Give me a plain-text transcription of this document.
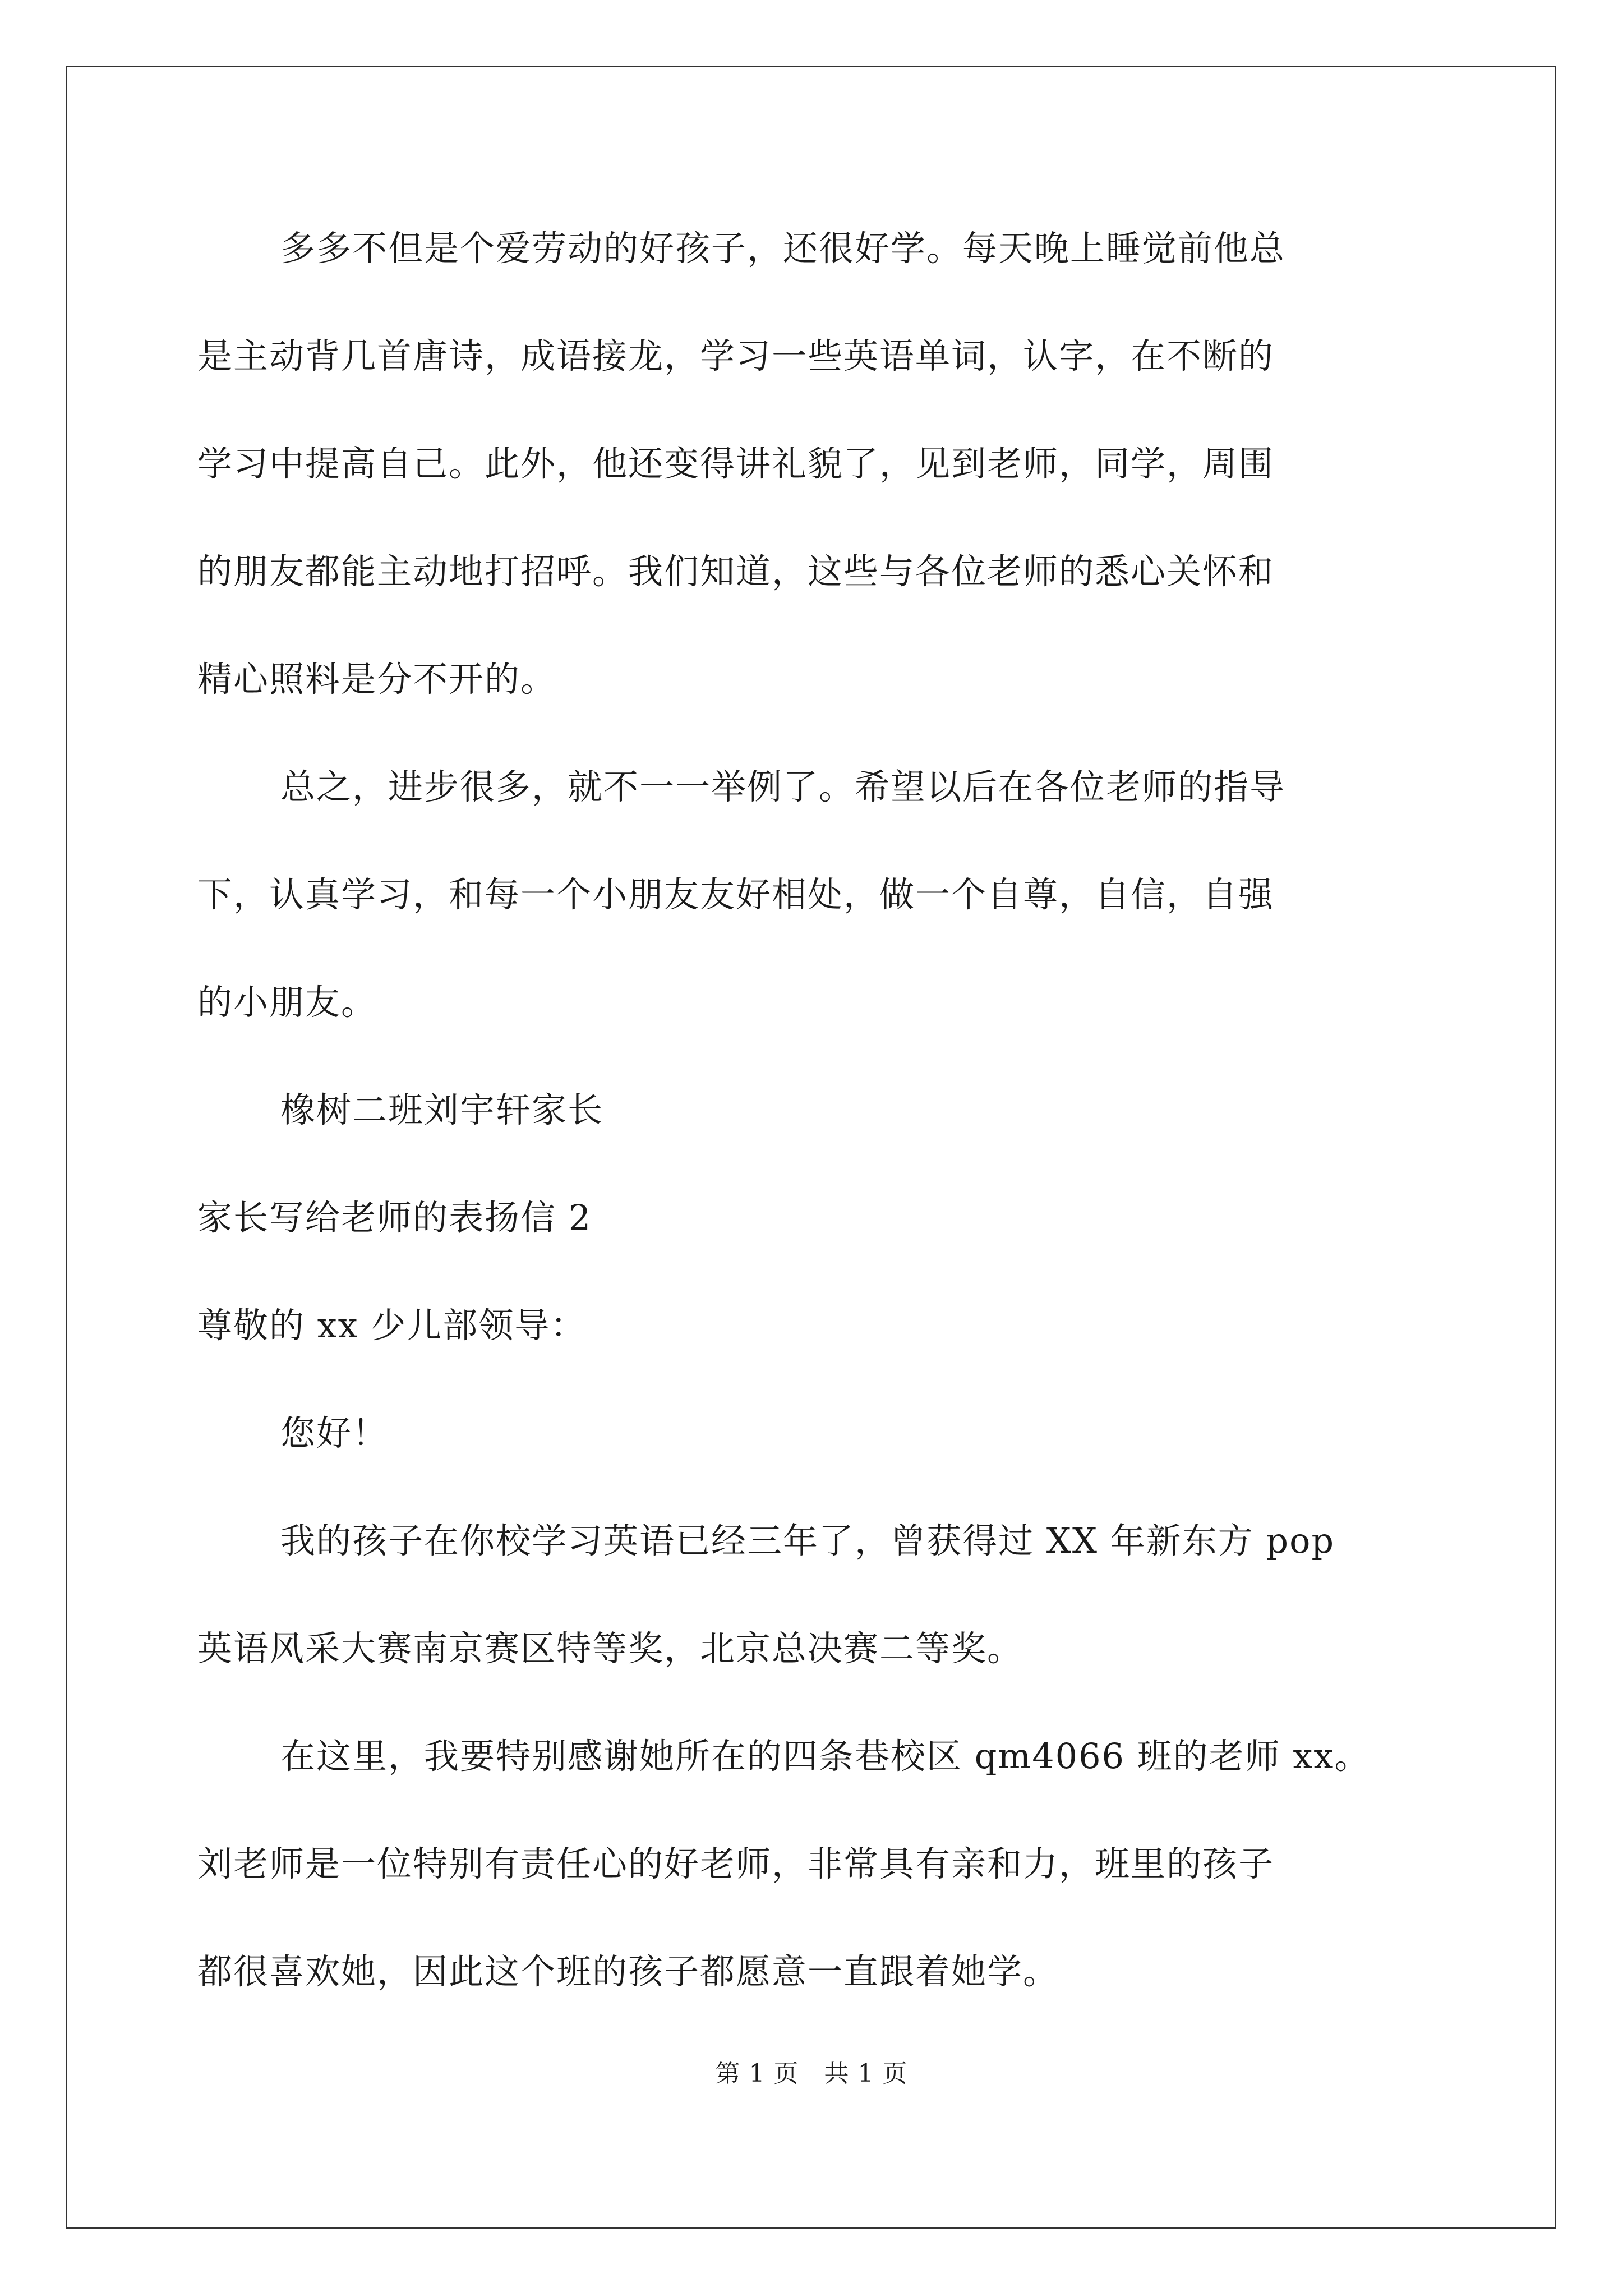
多多不但是个爱劳动的好孩子，还很好学。每天晚上睡觉前他总
是主动背几首唐诗，成语接龙，学习一些英语单词，认字，在不断的
学习中提高自己。此外，他还变得讲礼貌了，见到老师，同学，周围
的朋友都能主动地打招呼。我们知道，这些与各位老师的悉心关怀和
精心照料是分不开的。
总之，进步很多，就不一一举例了。希望以后在各位老师的指导
下，认真学习，和每一个小朋友友好相处，做一个自尊，自信，自强
的小朋友。
橡树二班刘宇轩家长
家长写给老师的表扬信 2
尊敬的 xx 少儿部领导：
您好！
我的孩子在你校学习英语已经三年了，曾获得过 XX 年新东方 pop
英语风采大赛南京赛区特等奖，北京总决赛二等奖。
在这里，我要特别感谢她所在的四条巷校区 qm4066 班的老师 xx。
刘老师是一位特别有责任心的好老师，非常具有亲和力，班里的孩子
都很喜欢她，因此这个班的孩子都愿意一直跟着她学。
第 1 页　共 1 页
